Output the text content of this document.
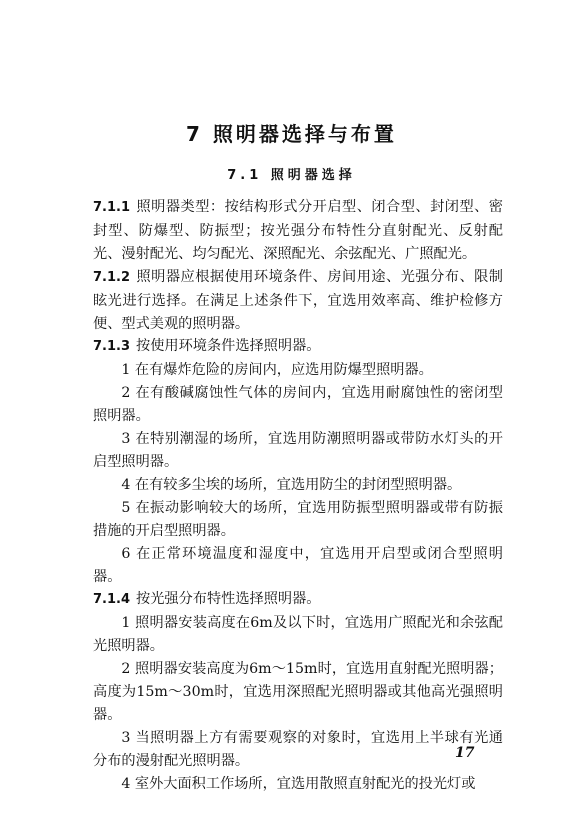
7 照明器选择与布置
7.1 照明器选择

7.1.1 照明器类型：按结构形式分开启型、闭合型、封闭型、密封型、防爆型、防振型；按光强分布特性分直射配光、反射配光、漫射配光、均匀配光、深照配光、余弦配光、广照配光。

7.1.2 照明器应根据使用环境条件、房间用途、光强分布、限制眩光进行选择。在满足上述条件下，宜选用效率高、维护检修方便、型式美观的照明器。

7.1.3 按使用环境条件选择照明器。

1 在有爆炸危险的房间内，应选用防爆型照明器。

2 在有酸碱腐蚀性气体的房间内，宜选用耐腐蚀性的密闭型照明器。

3 在特别潮湿的场所，宜选用防潮照明器或带防水灯头的开启型照明器。

4 在有较多尘埃的场所，宜选用防尘的封闭型照明器。

5 在振动影响较大的场所，宜选用防振型照明器或带有防振措施的开启型照明器。

6 在正常环境温度和湿度中，宜选用开启型或闭合型照明器。

7.1.4 按光强分布特性选择照明器。

1 照明器安装高度在6m及以下时，宜选用广照配光和余弦配光照明器。

2 照明器安装高度为6m～15m时，宜选用直射配光照明器；高度为15m～30m时，宜选用深照配光照明器或其他高光强照明器。

3 当照明器上方有需要观察的对象时，宜选用上半球有光通分布的漫射配光照明器。

4 室外大面积工作场所，宜选用散照直射配光的投光灯或

17
